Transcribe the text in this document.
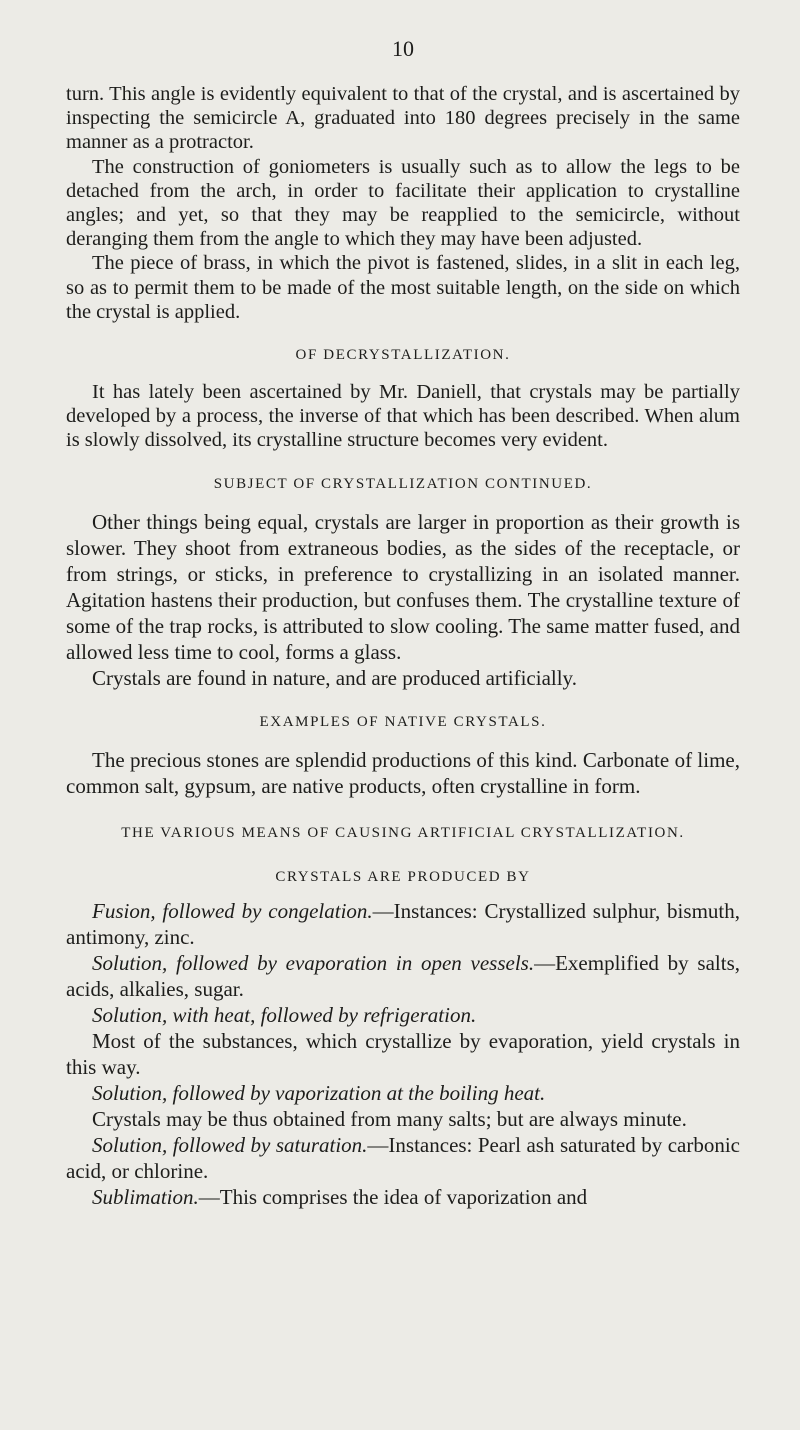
10

turn. This angle is evidently equivalent to that of the crystal, and is ascertained by inspecting the semicircle A, graduated into 180 degrees precisely in the same manner as a protractor.

The construction of goniometers is usually such as to allow the legs to be detached from the arch, in order to facilitate their application to crystalline angles; and yet, so that they may be reapplied to the semicircle, without deranging them from the angle to which they may have been adjusted.

The piece of brass, in which the pivot is fastened, slides, in a slit in each leg, so as to permit them to be made of the most suitable length, on the side on which the crystal is applied.

OF DECRYSTALLIZATION.

It has lately been ascertained by Mr. Daniell, that crystals may be partially developed by a process, the inverse of that which has been described. When alum is slowly dissolved, its crystalline structure becomes very evident.

SUBJECT OF CRYSTALLIZATION CONTINUED.

Other things being equal, crystals are larger in proportion as their growth is slower. They shoot from extraneous bodies, as the sides of the receptacle, or from strings, or sticks, in preference to crystallizing in an isolated manner. Agitation hastens their production, but confuses them. The crystalline texture of some of the trap rocks, is attributed to slow cooling. The same matter fused, and allowed less time to cool, forms a glass.

Crystals are found in nature, and are produced artificially.

EXAMPLES OF NATIVE CRYSTALS.

The precious stones are splendid productions of this kind. Carbonate of lime, common salt, gypsum, are native products, often crystalline in form.

THE VARIOUS MEANS OF CAUSING ARTIFICIAL CRYSTALLIZATION.
CRYSTALS ARE PRODUCED BY

Fusion, followed by congelation.—Instances: Crystallized sulphur, bismuth, antimony, zinc.

Solution, followed by evaporation in open vessels.—Exemplified by salts, acids, alkalies, sugar.

Solution, with heat, followed by refrigeration.

Most of the substances, which crystallize by evaporation, yield crystals in this way.

Solution, followed by vaporization at the boiling heat.

Crystals may be thus obtained from many salts; but are always minute.

Solution, followed by saturation.—Instances: Pearl ash saturated by carbonic acid, or chlorine.

Sublimation.—This comprises the idea of vaporization and
